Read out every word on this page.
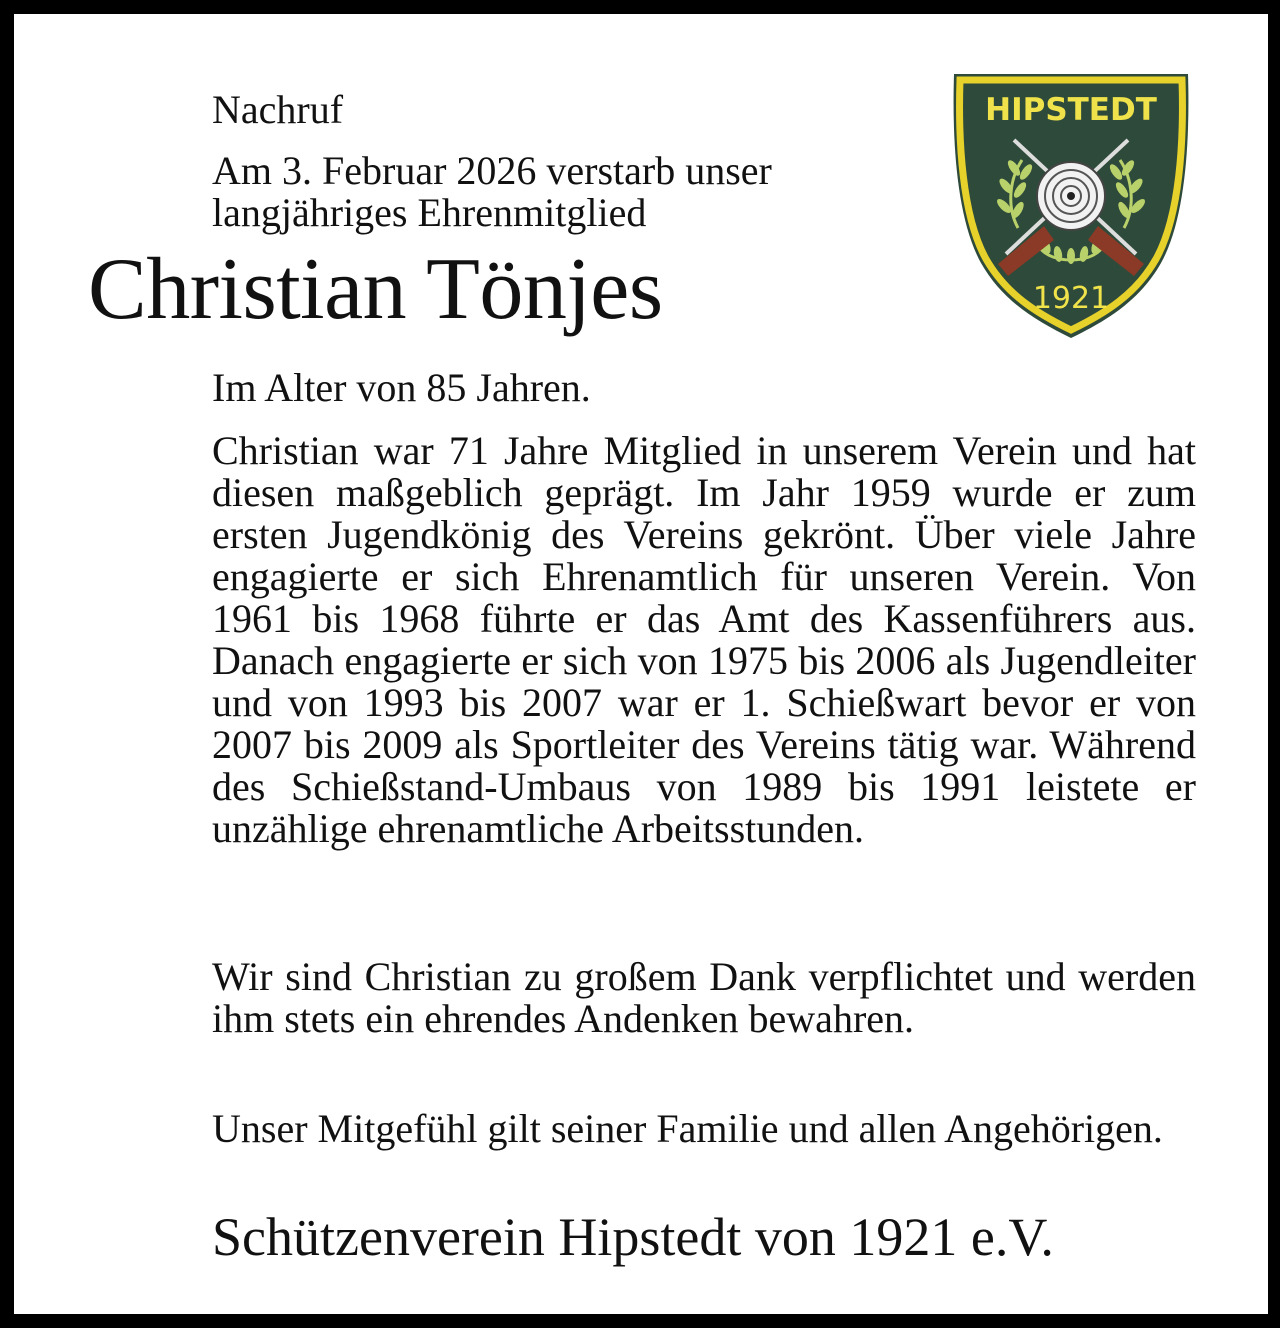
Nachruf

Am 3. Februar 2026 verstarb unser
langjähriges Ehrenmitglied

Christian Tönjes

Im Alter von 85 Jahren.

Christian war 71 Jahre Mitglied in unserem Verein und hat diesen maßgeblich geprägt. Im Jahr 1959 wurde er zum ersten Jugendkönig des Vereins gekrönt. Über viele Jahre engagierte er sich Ehrenamtlich für unseren Verein. Von 1961 bis 1968 führte er das Amt des Kassenführers aus. Danach engagierte er sich von 1975 bis 2006 als Jugendleiter und von 1993 bis 2007 war er 1. Schießwart bevor er von 2007 bis 2009 als Sportleiter des Vereins tätig war. Während des Schießstand-Umbaus von 1989 bis 1991 leistete er unzählige ehrenamtliche Arbeitsstunden.

Wir sind Christian zu großem Dank verpflichtet und werden ihm stets ein ehrendes Andenken bewahren.

Unser Mitgefühl gilt seiner Familie und allen Angehörigen.

Schützenverein Hipstedt von 1921 e.V.

HIPSTEDT
1921
